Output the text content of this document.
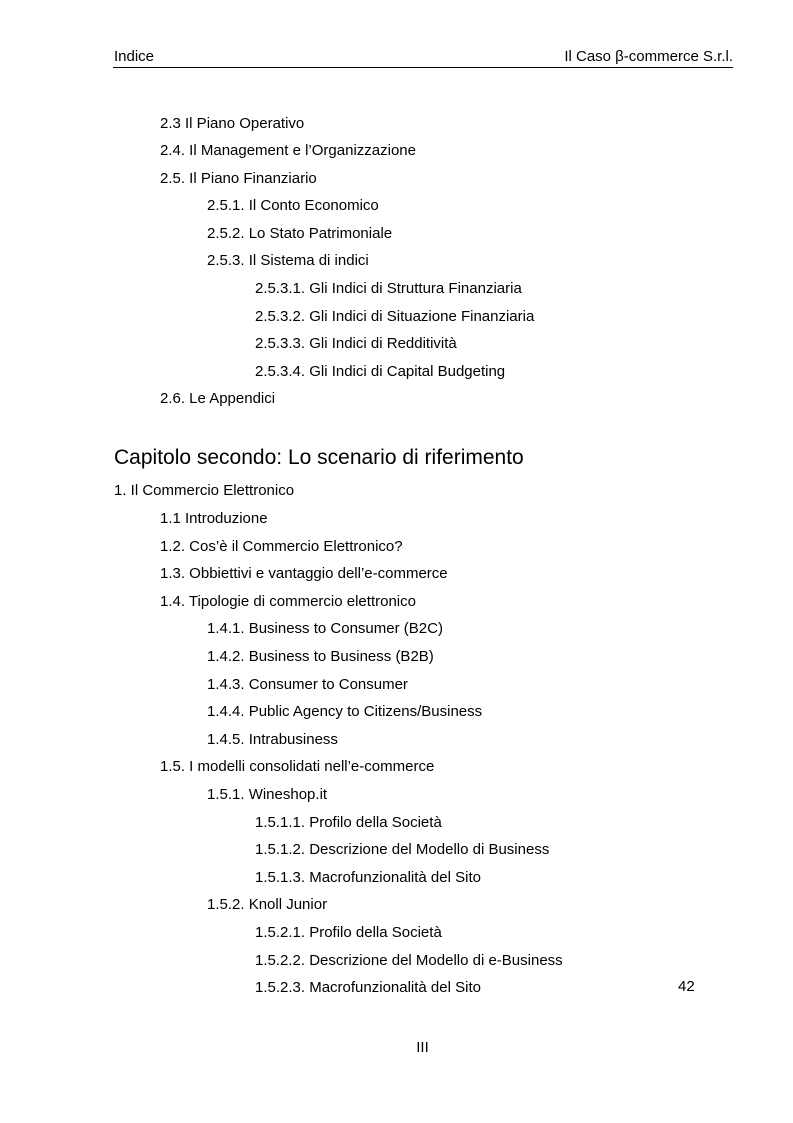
Indice	Il Caso β-commerce S.r.l.
2.3 Il Piano Operativo
2.4. Il Management e l’Organizzazione
2.5. Il Piano Finanziario
2.5.1. Il Conto Economico
2.5.2. Lo Stato Patrimoniale
2.5.3. Il Sistema di indici
2.5.3.1. Gli Indici di Struttura Finanziaria
2.5.3.2. Gli Indici di Situazione Finanziaria
2.5.3.3. Gli Indici di Redditività
2.5.3.4. Gli Indici di Capital Budgeting
2.6. Le Appendici
Capitolo secondo: Lo scenario di riferimento
1. Il Commercio Elettronico
1.1 Introduzione
1.2. Cos’è il Commercio Elettronico?
1.3. Obbiettivi e vantaggio dell’e-commerce
1.4. Tipologie di commercio elettronico
1.4.1. Business to Consumer (B2C)
1.4.2. Business to Business (B2B)
1.4.3. Consumer to Consumer
1.4.4. Public Agency to Citizens/Business
1.4.5. Intrabusiness
1.5. I modelli consolidati nell’e-commerce
1.5.1. Wineshop.it
1.5.1.1. Profilo della Società
1.5.1.2. Descrizione del Modello di Business
1.5.1.3. Macrofunzionalità del Sito
1.5.2. Knoll Junior
1.5.2.1. Profilo della Società
1.5.2.2. Descrizione del Modello di e-Business
1.5.2.3. Macrofunzionalità del Sito	42
III
